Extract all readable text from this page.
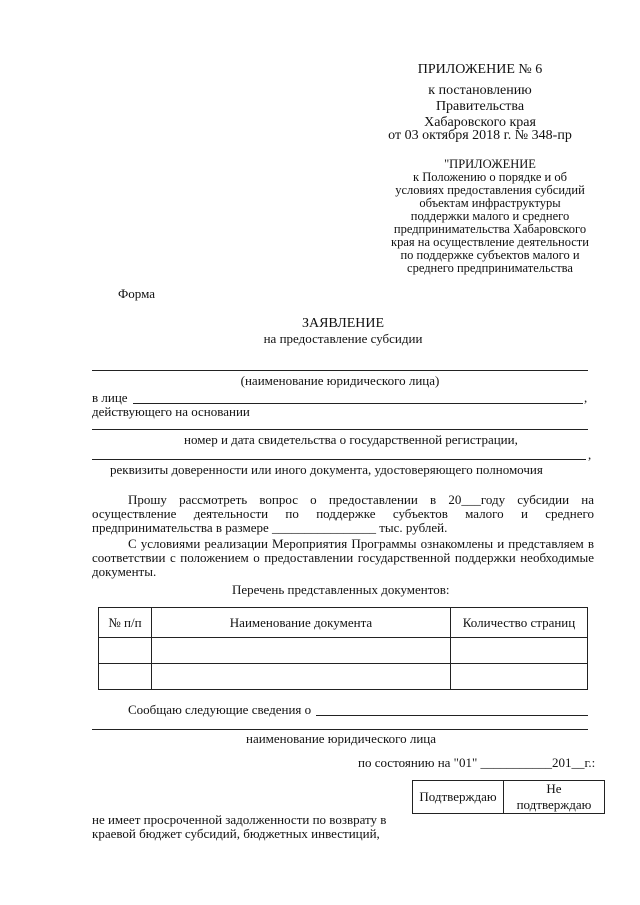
ПРИЛОЖЕНИЕ № 6
к постановлению
Правительства
Хабаровского края
от 03 октября 2018 г. № 348-пр
"ПРИЛОЖЕНИЕ
к Положению о порядке и об
условиях предоставления субсидий
объектам инфраструктуры
поддержки малого и среднего
предпринимательства Хабаровского
края на осуществление деятельности
по поддержке субъектов малого и
среднего предпринимательства
Форма
ЗАЯВЛЕНИЕ
на предоставление субсидии
(наименование юридического лица)
в лице	,
действующего на основании
номер и дата свидетельства о государственной регистрации,
,
реквизиты доверенности или иного документа, удостоверяющего полномочия
Прошу рассмотреть вопрос о предоставлении в 20___году субсидии на
осуществление деятельности по поддержке субъектов малого и среднего
предпринимательства в размере ________________ тыс. рублей.
С условиями реализации Мероприятия Программы ознакомлены и представляем в
соответствии с положением о предоставлении государственной поддержки необходимые
документы.
Перечень представленных документов:
№ п/п	Наименование документа	Количество страниц

Сообщаю следующие сведения о
наименование юридического лица
по состоянию на "01" ___________201__г.:
Подтверждаю	Не подтверждаю
не имеет просроченной задолженности по возврату в
краевой бюджет субсидий, бюджетных инвестиций,
